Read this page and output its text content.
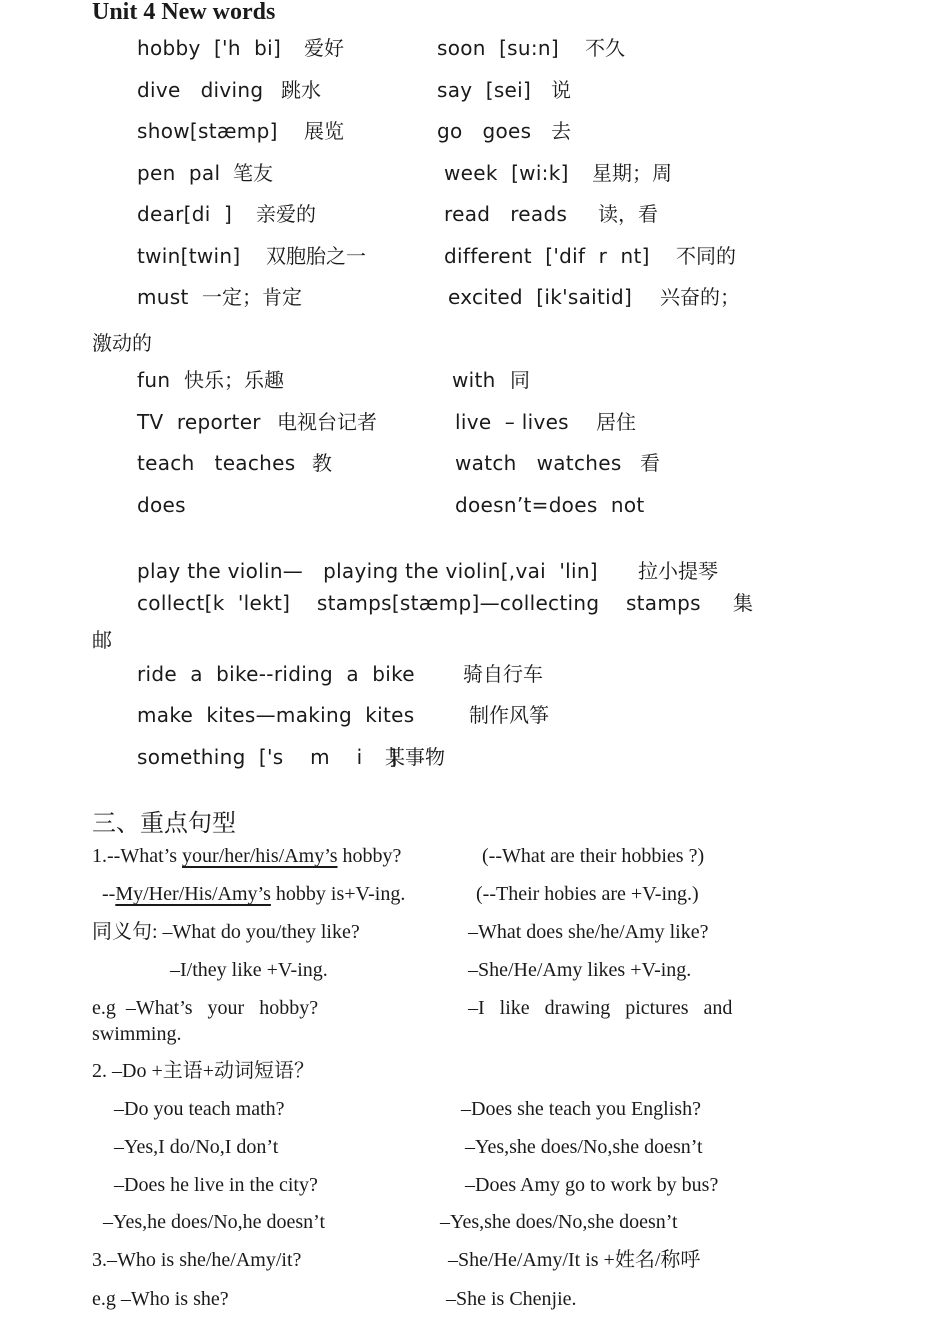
Unit 4 New words
hobby  ['h  bi] 爱好	soon  [su:n] 不久
dive   diving 跳水	say  [sei] 说
show[stæmp] 展览	go   goes 去
pen  pal 笔友	week  [wi:k] 星期；周
dear[di  ] 亲爱的	read   reads 读，看
twin[twin] 双胞胎之一	different  ['dif  r  nt] 不同的
must 一定；肯定	excited  [ik'saitid] 兴奋的；
激动的
fun 快乐；乐趣	with 同
TV  reporter 电视台记者	live  – lives 居住
teach   teaches 教	watch   watches 看
does	doesn’t=does  not
play the violin—   playing the violin[,vai  'lin] 拉小提琴
collect[k  'lekt]    stamps[stæmp]—collecting    stamps 集
邮
ride  a  bike--riding  a  bike 骑自行车
make  kites—making  kites	制作风筝
something  ['s    m    i    ]
某事物
三、重点句型
1.--What’s your/her/his/Amy’s hobby?	(--What are their hobbies ?)
--My/Her/His/Amy’s hobby is+V-ing.	(--Their hobies are +V-ing.)
同义句: –What do you/they like?	–What does she/he/Amy like?
–I/they like +V-ing.	–She/He/Amy likes +V-ing.
e.g  –What’s   your   hobby?	–I   like   drawing   pictures   and
swimming.
2. –Do +主语+动词短语？
–Do you teach math?	–Does she teach you English?
–Yes,I do/No,I don’t	–Yes,she does/No,she doesn’t
–Does he live in the city?	–Does Amy go to work by bus?
–Yes,he does/No,he doesn’t	–Yes,she does/No,she doesn’t
3.–Who is she/he/Amy/it?	–She/He/Amy/It is +姓名/称呼
e.g –Who is she?	–She is Chenjie.
